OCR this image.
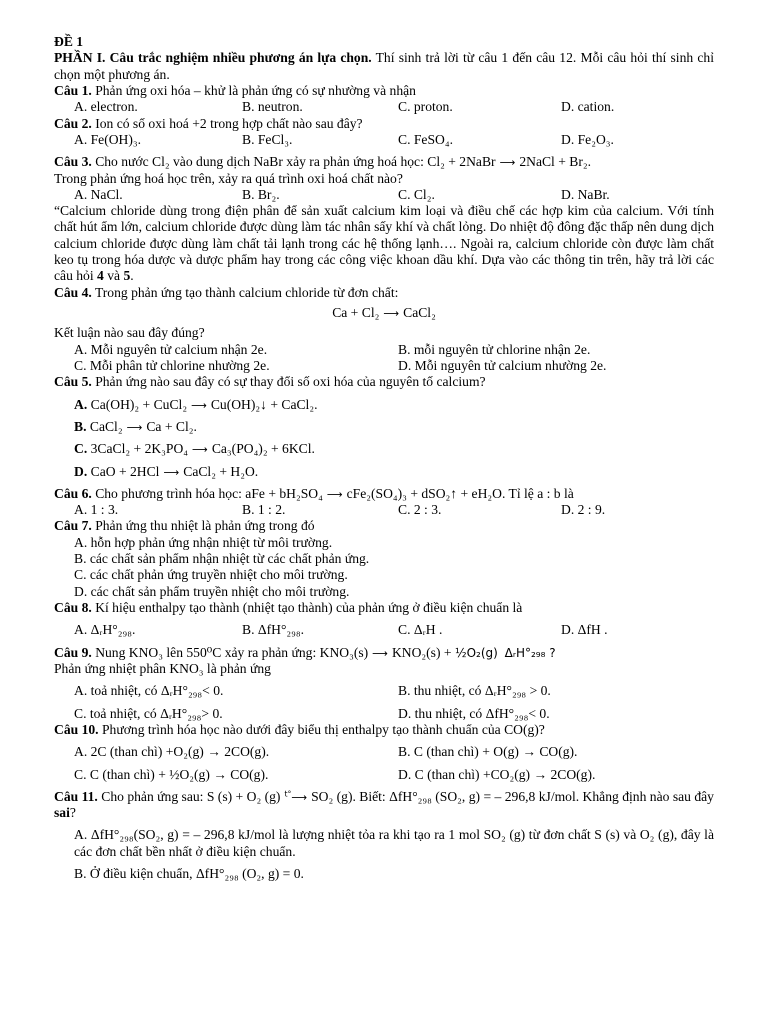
ĐỀ 1
PHẦN I. Câu trắc nghiệm nhiều phương án lựa chọn. Thí sinh trả lời từ câu 1 đến câu 12. Mỗi câu hỏi thí sinh chỉ chọn một phương án.
Câu 1. Phản ứng oxi hóa – khử là phản ứng có sự nhường và nhận
A. electron.	B. neutron.	C. proton.	D. cation.
Câu 2. Ion có số oxi hoá +2 trong hợp chất nào sau đây?
A. Fe(OH)₃.	B. FeCl₃.	C. FeSO₄.	D. Fe₂O₃.
Câu 3. Cho nước Cl₂ vào dung dịch NaBr xảy ra phản ứng hoá học: Cl₂ + 2NaBr ⟶ 2NaCl + Br₂.
Trong phản ứng hoá học trên, xảy ra quá trình oxi hoá chất nào?
A. NaCl.	B. Br₂.	C. Cl₂.	D. NaBr.
“Calcium chloride dùng trong điện phân để sản xuất calcium kim loại và điều chế các hợp kim của calcium. Với tính chất hút ẩm lớn, calcium chloride được dùng làm tác nhân sấy khí và chất lỏng. Do nhiệt độ đông đặc thấp nên dung dịch calcium chloride được dùng làm chất tải lạnh trong các hệ thống lạnh…. Ngoài ra, calcium chloride còn được làm chất keo tụ trong hóa dược và dược phẩm hay trong các công việc khoan dầu khí. Dựa vào các thông tin trên, hãy trả lời các câu hỏi 4 và 5.
Câu 4. Trong phản ứng tạo thành calcium chloride từ đơn chất:
Ca + Cl₂ ⟶ CaCl₂
Kết luận nào sau đây đúng?
A. Mỗi nguyên tử calcium nhận 2e.	B. mỗi nguyên tử chlorine nhận 2e.
C. Mỗi phân tử chlorine nhường 2e.	D. Mỗi nguyên tử calcium nhường 2e.
Câu 5. Phản ứng nào sau đây có sự thay đổi số oxi hóa của nguyên tố calcium?
A. Ca(OH)₂ + CuCl₂ ⟶ Cu(OH)₂↓ + CaCl₂.
B. CaCl₂ ⟶ Ca + Cl₂.
C. 3CaCl₂ + 2K₃PO₄ ⟶ Ca₃(PO₄)₂ + 6KCl.
D. CaO + 2HCl ⟶ CaCl₂ + H₂O.
Câu 6. Cho phương trình hóa học: aFe + bH₂SO₄ ⟶ cFe₂(SO₄)₃ + dSO₂↑ + eH₂O. Tỉ lệ a : b là
A. 1 : 3.	B. 1 : 2.	C. 2 : 3.	D. 2 : 9.
Câu 7. Phản ứng thu nhiệt là phản ứng trong đó
A. hỗn hợp phản ứng nhận nhiệt từ môi trường.
B. các chất sản phẩm nhận nhiệt từ các chất phản ứng.
C. các chất phản ứng truyền nhiệt cho môi trường.
D. các chất sản phẩm truyền nhiệt cho môi trường.
Câu 8. Kí hiệu enthalpy tạo thành (nhiệt tạo thành) của phản ứng ở điều kiện chuẩn là
A. ΔᵣH°₂₉₈.	B. ΔfH°₂₉₈.	C. ΔᵣH .	D. ΔfH .
Câu 9. Nung KNO₃ lên 550⁰C xảy ra phản ứng: KNO₃(s) ⟶ KNO₂(s) + ½O₂(g) ΔᵣH°₂₉₈ ?
Phản ứng nhiệt phân KNO₃ là phản ứng
A. toả nhiệt, có ΔᵣH°₂₉₈< 0.	B. thu nhiệt, có ΔᵣH°₂₉₈ > 0.
C. toả nhiệt, có ΔᵣH°₂₉₈> 0.	D. thu nhiệt, có ΔfH°₂₉₈< 0.
Câu 10. Phương trình hóa học nào dưới đây biểu thị enthalpy tạo thành chuẩn của CO(g)?
A. 2C (than chì) +O₂(g) → 2CO(g).	B. C (than chì) + O(g) → CO(g).
C. C (than chì) + ½O₂(g) → CO(g).	D. C (than chì) +CO₂(g) → 2CO(g).
Câu 11. Cho phản ứng sau: S (s) + O₂ (g) $^{t^\circ}$⟶ SO₂ (g). Biết: ΔfH°₂₉₈ (SO₂, g) = – 296,8 kJ/mol. Khẳng định nào sau đây sai?
A. ΔfH°₂₉₈(SO₂, g) = – 296,8 kJ/mol là lượng nhiệt tỏa ra khi tạo ra 1 mol SO₂ (g) từ đơn chất S (s) và O₂ (g), đây là các đơn chất bền nhất ở điều kiện chuẩn.
B. Ở điều kiện chuẩn, ΔfH°₂₉₈ (O₂, g) = 0.
